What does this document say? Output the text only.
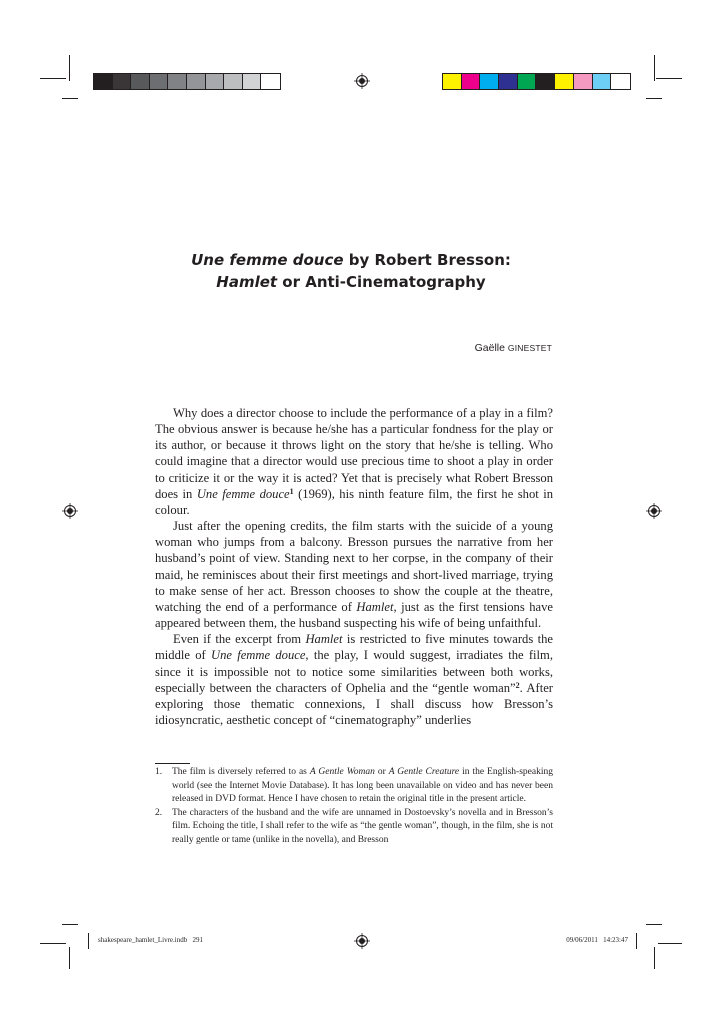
Une femme douce by Robert Bresson:
Hamlet or Anti-Cinematography
Gaëlle GINESTET

Why does a director choose to include the performance of a play in a film? The obvious answer is because he/she has a particular fondness for the play or its author, or because it throws light on the story that he/she is telling. Who could imagine that a director would use precious time to shoot a play in order to criticize it or the way it is acted? Yet that is precisely what Robert Bresson does in Une femme douce$^1$ (1969), his ninth feature film, the first he shot in colour.

Just after the opening credits, the film starts with the suicide of a young woman who jumps from a balcony. Bresson pursues the narrative from her husband’s point of view. Standing next to her corpse, in the company of their maid, he reminisces about their first meetings and short-lived marriage, trying to make sense of her act. Bresson chooses to show the couple at the theatre, watching the end of a performance of Hamlet, just as the first tensions have appeared between them, the husband suspecting his wife of being unfaithful.

Even if the excerpt from Hamlet is restricted to five minutes towards the middle of Une femme douce, the play, I would suggest, irradiates the film, since it is impossible not to notice some similarities between both works, especially between the characters of Ophelia and the “gentle woman”$^2$. After exploring those thematic connexions, I shall discuss how Bresson’s idiosyncratic, aesthetic concept of “cinematography” underlies

1. The film is diversely referred to as A Gentle Woman or A Gentle Creature in the English-speaking world (see the Internet Movie Database). It has long been unavailable on video and has never been released in DVD format. Hence I have chosen to retain the original title in the present article.

2. The characters of the husband and the wife are unnamed in Dostoevsky’s novella and in Bresson’s film. Echoing the title, I shall refer to the wife as “the gentle woman”, though, in the film, she is not really gentle or tame (unlike in the novella), and Bresson

shakespeare_hamlet_Livre.indb   291	09/06/2011   14:23:47
